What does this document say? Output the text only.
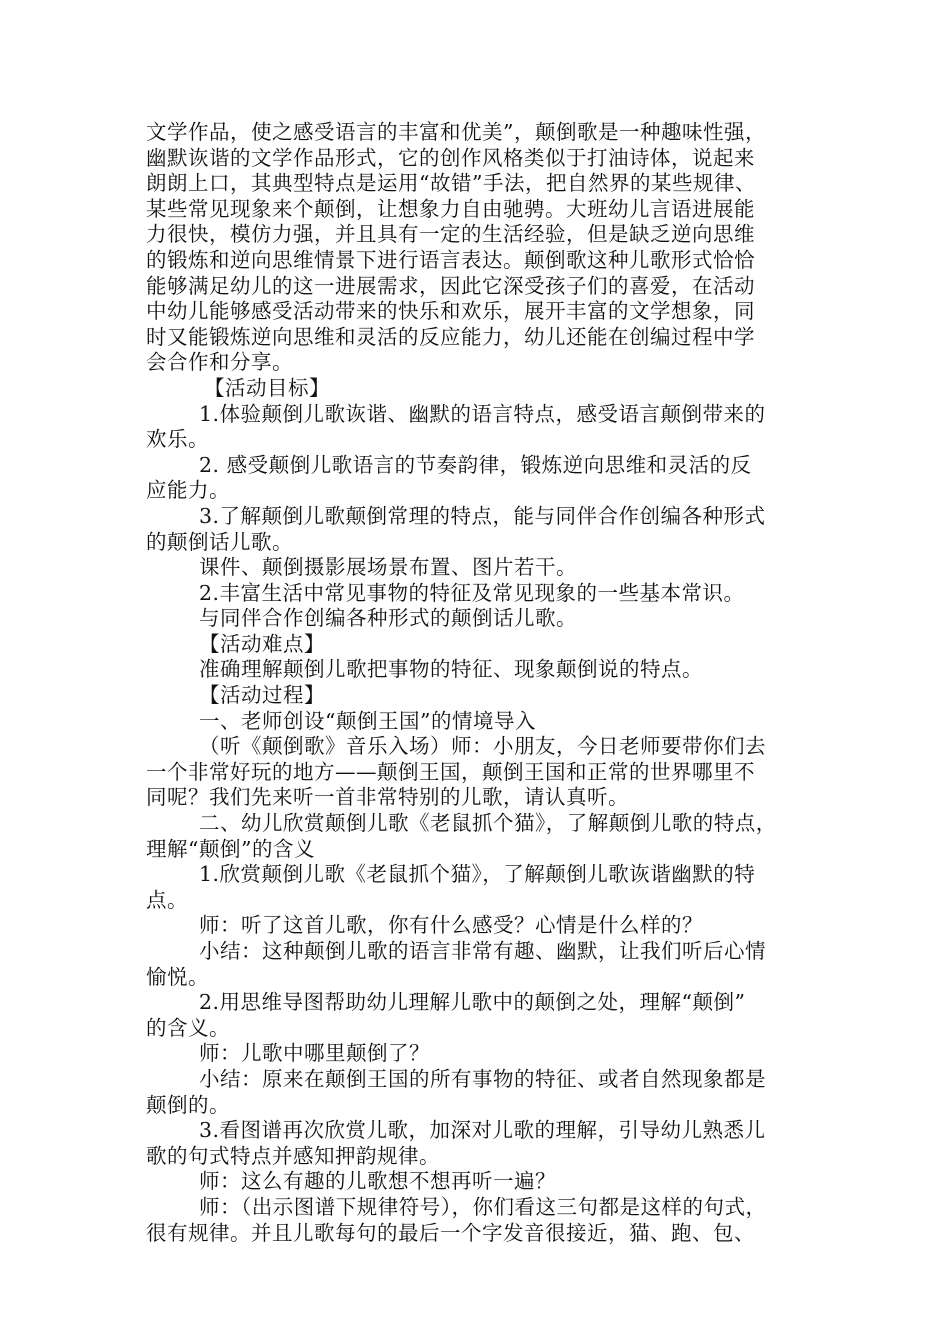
文学作品，使之感受语言的丰富和优美”，颠倒歌是一种趣味性强，
幽默诙谐的文学作品形式，它的创作风格类似于打油诗体，说起来
朗朗上口，其典型特点是运用“故错”手法，把自然界的某些规律、
某些常见现象来个颠倒，让想象力自由驰骋。大班幼儿言语进展能
力很快，模仿力强，并且具有一定的生活经验，但是缺乏逆向思维
的锻炼和逆向思维情景下进行语言表达。颠倒歌这种儿歌形式恰恰
能够满足幼儿的这一进展需求，因此它深受孩子们的喜爱，在活动
中幼儿能够感受活动带来的快乐和欢乐，展开丰富的文学想象，同
时又能锻炼逆向思维和灵活的反应能力，幼儿还能在创编过程中学
会合作和分享。
【活动目标】
1.体验颠倒儿歌诙谐、幽默的语言特点，感受语言颠倒带来的
欢乐。
2. 感受颠倒儿歌语言的节奏韵律，锻炼逆向思维和灵活的反
应能力。
3.了解颠倒儿歌颠倒常理的特点，能与同伴合作创编各种形式
的颠倒话儿歌。
课件、颠倒摄影展场景布置、图片若干。
2.丰富生活中常见事物的特征及常见现象的一些基本常识。
与同伴合作创编各种形式的颠倒话儿歌。
【活动难点】
准确理解颠倒儿歌把事物的特征、现象颠倒说的特点。
【活动过程】
一、老师创设“颠倒王国”的情境导入
（听《颠倒歌》音乐入场）师：小朋友，今日老师要带你们去
一个非常好玩的地方——颠倒王国，颠倒王国和正常的世界哪里不
同呢？我们先来听一首非常特别的儿歌，请认真听。
二、幼儿欣赏颠倒儿歌《老鼠抓个猫》，了解颠倒儿歌的特点，
理解“颠倒”的含义
1.欣赏颠倒儿歌《老鼠抓个猫》，了解颠倒儿歌诙谐幽默的特
点。
师：听了这首儿歌，你有什么感受？心情是什么样的？
小结：这种颠倒儿歌的语言非常有趣、幽默，让我们听后心情
愉悦。
2.用思维导图帮助幼儿理解儿歌中的颠倒之处，理解“颠倒”
的含义。
师：儿歌中哪里颠倒了？
小结：原来在颠倒王国的所有事物的特征、或者自然现象都是
颠倒的。
3.看图谱再次欣赏儿歌，加深对儿歌的理解，引导幼儿熟悉儿
歌的句式特点并感知押韵规律。
师：这么有趣的儿歌想不想再听一遍？
师：（出示图谱下规律符号），你们看这三句都是这样的句式，
很有规律。并且儿歌每句的最后一个字发音很接近，猫、跑、包、
